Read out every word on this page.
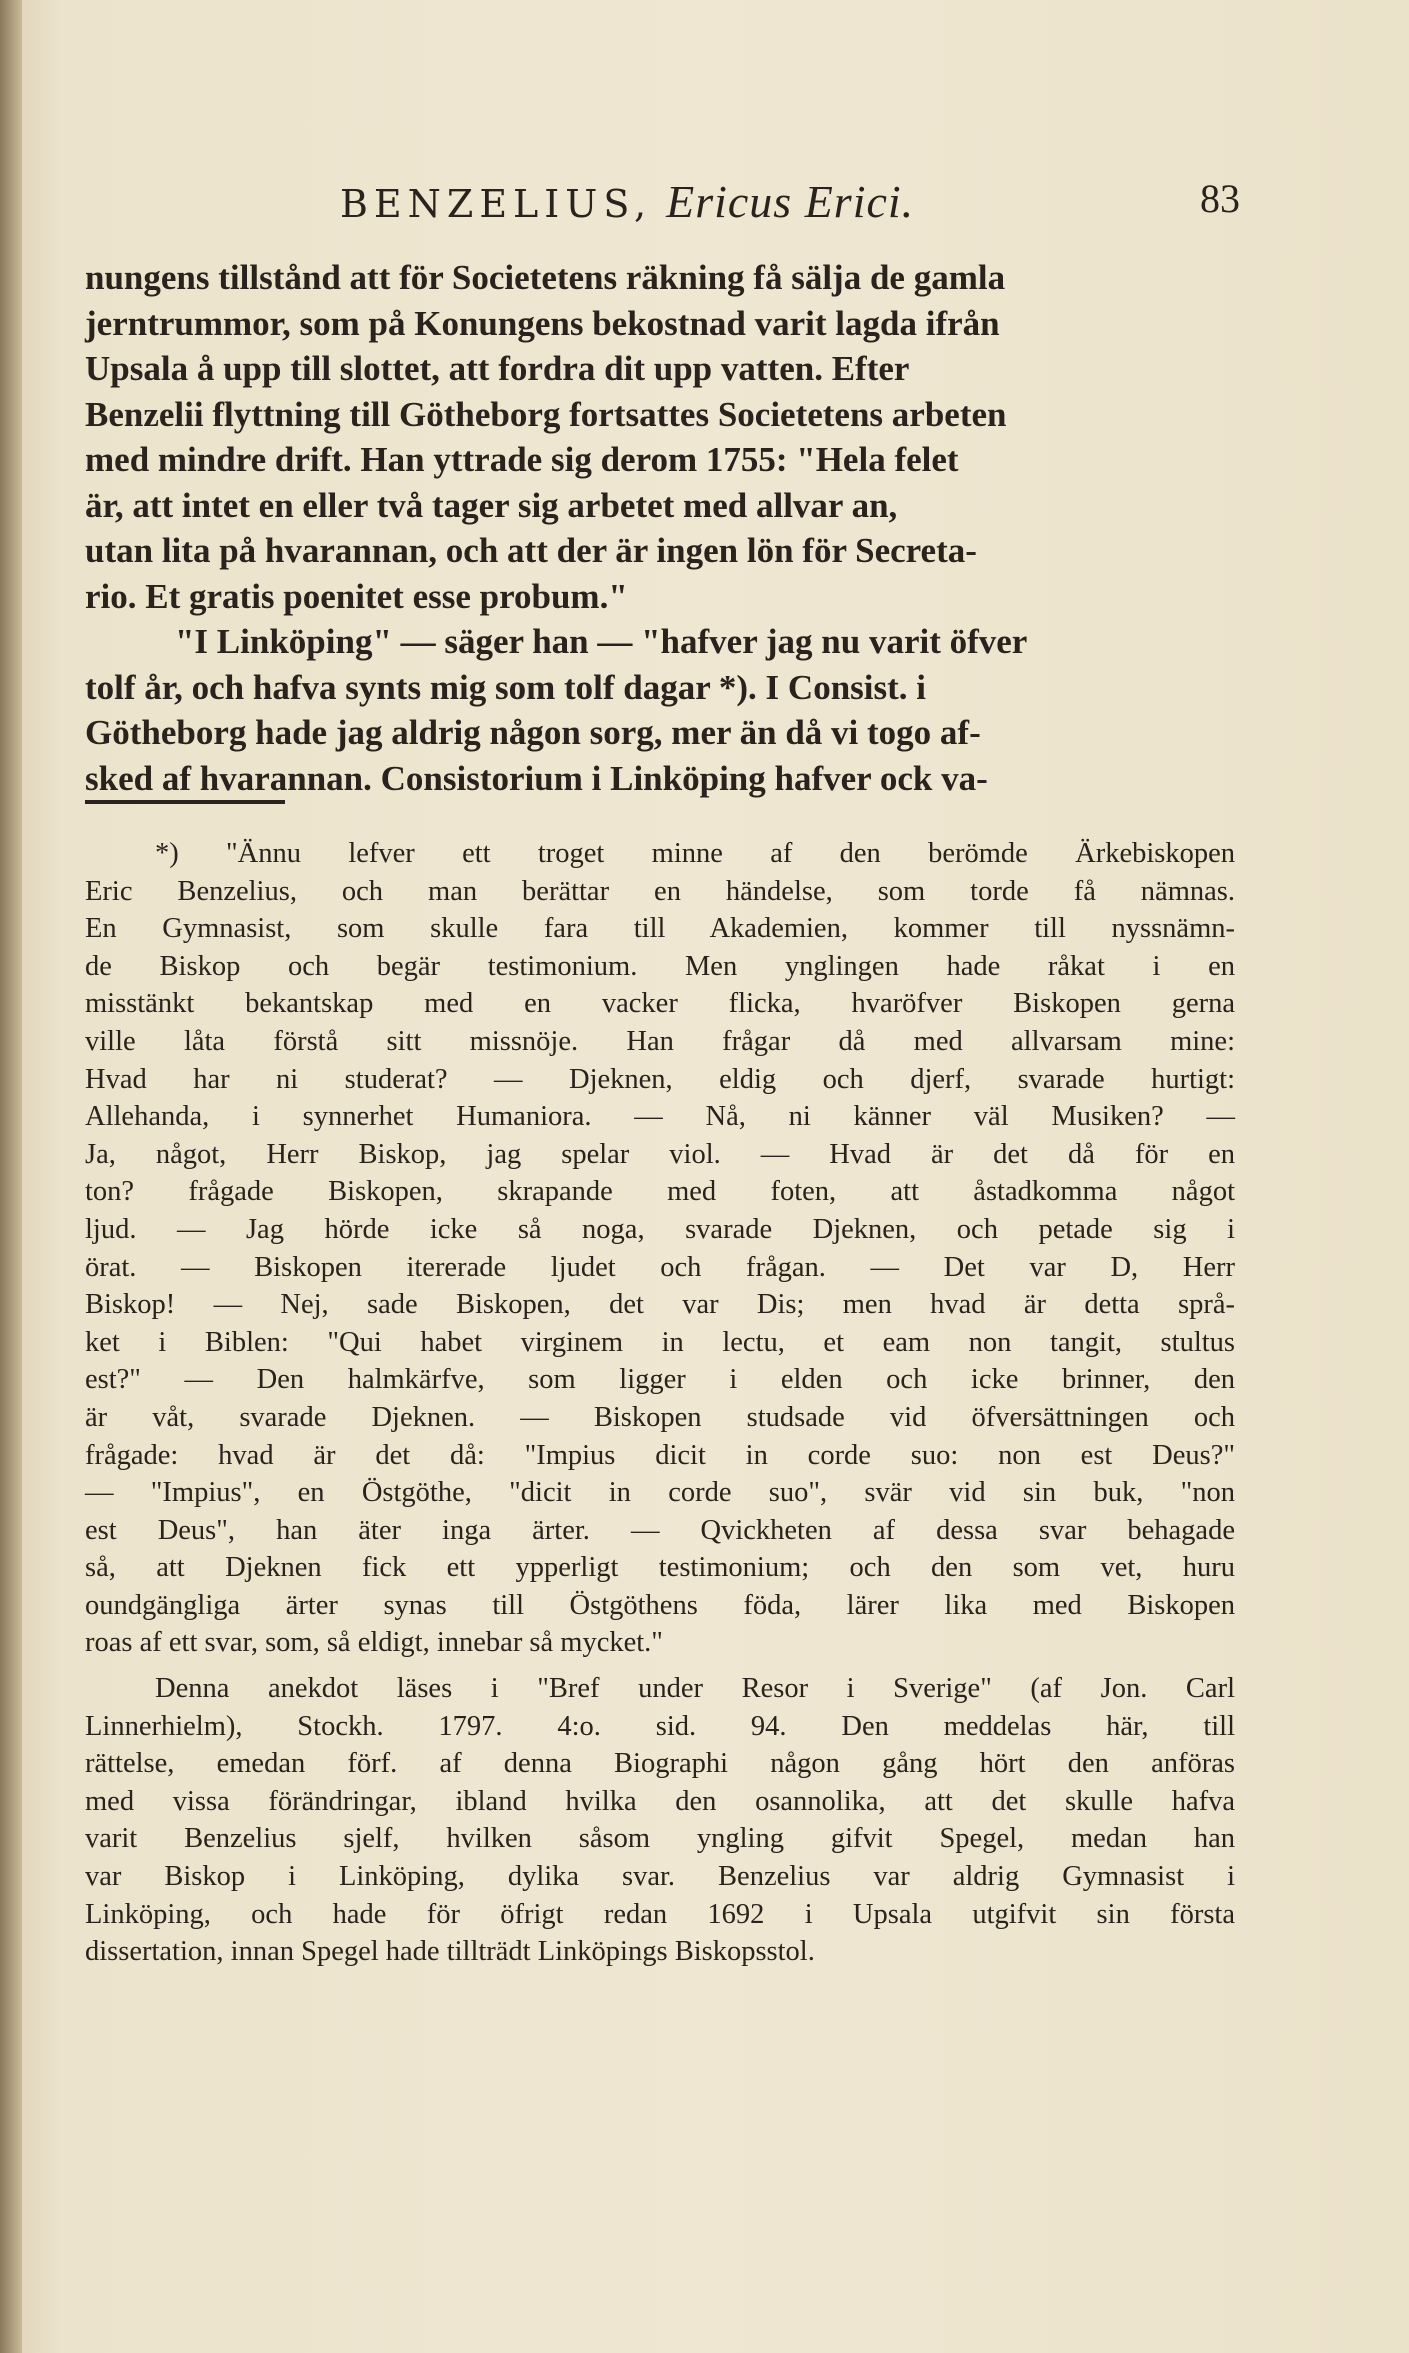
BENZELIUS, Ericus Erici.	83

nungens tillstånd att för Societetens räkning få sälja de gamla
jerntrummor, som på Konungens bekostnad varit lagda ifrån
Upsala å upp till slottet, att fordra dit upp vatten. Efter
Benzelii flyttning till Götheborg fortsattes Societetens arbeten
med mindre drift. Han yttrade sig derom 1755: "Hela felet
är, att intet en eller två tager sig arbetet med allvar an,
utan lita på hvarannan, och att der är ingen lön för Secreta-
rio. Et gratis poenitet esse probum."

"I Linköping" — säger han — "hafver jag nu varit öfver
tolf år, och hafva synts mig som tolf dagar *). I Consist. i
Götheborg hade jag aldrig någon sorg, mer än då vi togo af-
sked af hvarannan. Consistorium i Linköping hafver ock va-

*) "Ännu lefver ett troget minne af den berömde Ärkebiskopen
Eric Benzelius, och man berättar en händelse, som torde få nämnas.
En Gymnasist, som skulle fara till Akademien, kommer till nyssnämn-
de Biskop och begär testimonium. Men ynglingen hade råkat i en
misstänkt bekantskap med en vacker flicka, hvaröfver Biskopen gerna
ville låta förstå sitt missnöje. Han frågar då med allvarsam mine:
Hvad har ni studerat? — Djeknen, eldig och djerf, svarade hurtigt:
Allehanda, i synnerhet Humaniora. — Nå, ni känner väl Musiken? —
Ja, något, Herr Biskop, jag spelar viol. — Hvad är det då för en
ton? frågade Biskopen, skrapande med foten, att åstadkomma något
ljud. — Jag hörde icke så noga, svarade Djeknen, och petade sig i
örat. — Biskopen itererade ljudet och frågan. — Det var D, Herr
Biskop! — Nej, sade Biskopen, det var Dis; men hvad är detta språ-
ket i Biblen: "Qui habet virginem in lectu, et eam non tangit, stultus
est?" — Den halmkärfve, som ligger i elden och icke brinner, den
är våt, svarade Djeknen. — Biskopen studsade vid öfversättningen och
frågade: hvad är det då: "Impius dicit in corde suo: non est Deus?"
— "Impius", en Östgöthe, "dicit in corde suo", svär vid sin buk, "non
est Deus", han äter inga ärter. — Qvickheten af dessa svar behagade
så, att Djeknen fick ett ypperligt testimonium; och den som vet, huru
oundgängliga ärter synas till Östgöthens föda, lärer lika med Biskopen
roas af ett svar, som, så eldigt, innebar så mycket."
Denna anekdot läses i "Bref under Resor i Sverige" (af Jon. Carl
Linnerhielm), Stockh. 1797. 4:o. sid. 94. Den meddelas här, till
rättelse, emedan förf. af denna Biographi någon gång hört den anföras
med vissa förändringar, ibland hvilka den osannolika, att det skulle hafva
varit Benzelius sjelf, hvilken såsom yngling gifvit Spegel, medan han
var Biskop i Linköping, dylika svar. Benzelius var aldrig Gymnasist i
Linköping, och hade för öfrigt redan 1692 i Upsala utgifvit sin första
dissertation, innan Spegel hade tillträdt Linköpings Biskopsstol.
